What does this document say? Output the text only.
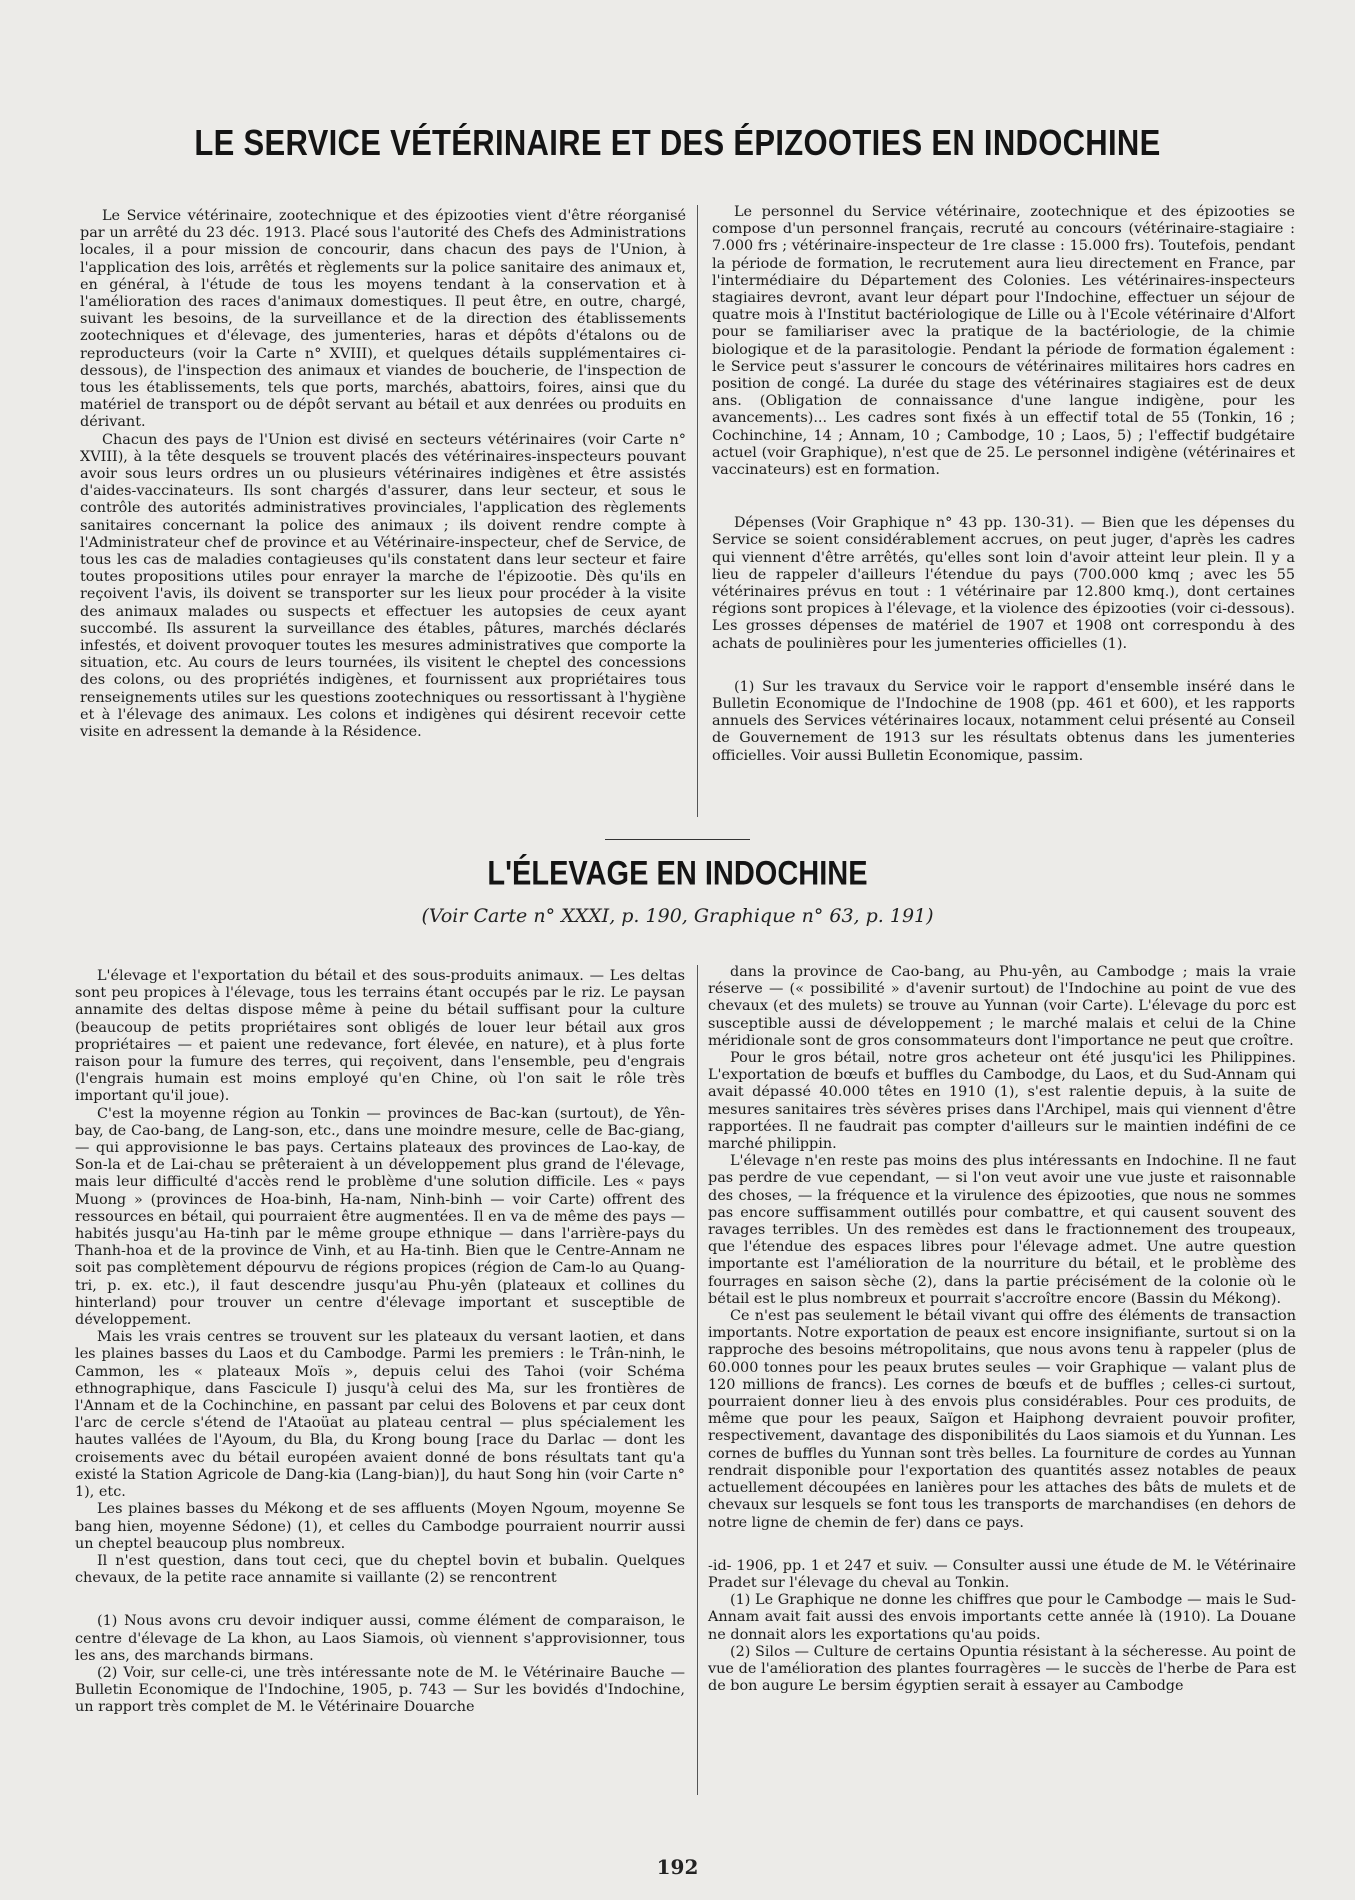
LE SERVICE VÉTÉRINAIRE ET DES ÉPIZOOTIES EN INDOCHINE

Le Service vétérinaire, zootechnique et des épizooties vient d'être réorganisé par un arrêté du 23 déc. 1913. Placé sous l'autorité des Chefs des Administrations locales, il a pour mission de concourir, dans chacun des pays de l'Union, à l'application des lois, arrêtés et règlements sur la police sanitaire des animaux et, en général, à l'étude de tous les moyens tendant à la conservation et à l'amélioration des races d'animaux domestiques. Il peut être, en outre, chargé, suivant les besoins, de la surveillance et de la direction des établissements zootechniques et d'élevage, des jumenteries, haras et dépôts d'étalons ou de reproducteurs (voir la Carte n° XVIII), et quelques détails supplémentaires ci-dessous), de l'inspection des animaux et viandes de boucherie, de l'inspection de tous les établissements, tels que ports, marchés, abattoirs, foires, ainsi que du matériel de transport ou de dépôt servant au bétail et aux denrées ou produits en dérivant.

Chacun des pays de l'Union est divisé en secteurs vétérinaires (voir Carte n° XVIII), à la tête desquels se trouvent placés des vétérinaires-inspecteurs pouvant avoir sous leurs ordres un ou plusieurs vétérinaires indigènes et être assistés d'aides-vaccinateurs. Ils sont chargés d'assurer, dans leur secteur, et sous le contrôle des autorités administratives provinciales, l'application des règlements sanitaires concernant la police des animaux ; ils doivent rendre compte à l'Administrateur chef de province et au Vétérinaire-inspecteur, chef de Service, de tous les cas de maladies contagieuses qu'ils constatent dans leur secteur et faire toutes propositions utiles pour enrayer la marche de l'épizootie. Dès qu'ils en reçoivent l'avis, ils doivent se transporter sur les lieux pour procéder à la visite des animaux malades ou suspects et effectuer les autopsies de ceux ayant succombé. Ils assurent la surveillance des étables, pâtures, marchés déclarés infestés, et doivent provoquer toutes les mesures administratives que comporte la situation, etc. Au cours de leurs tournées, ils visitent le cheptel des concessions des colons, ou des propriétés indigènes, et fournissent aux propriétaires tous renseignements utiles sur les questions zootechniques ou ressortissant à l'hygiène et à l'élevage des animaux. Les colons et indigènes qui désirent recevoir cette visite en adressent la demande à la Résidence.

Le personnel du Service vétérinaire, zootechnique et des épizooties se compose d'un personnel français, recruté au concours (vétérinaire-stagiaire : 7.000 frs ; vétérinaire-inspecteur de 1re classe : 15.000 frs). Toutefois, pendant la période de formation, le recrutement aura lieu directement en France, par l'intermédiaire du Département des Colonies. Les vétérinaires-inspecteurs stagiaires devront, avant leur départ pour l'Indochine, effectuer un séjour de quatre mois à l'Institut bactériologique de Lille ou à l'Ecole vétérinaire d'Alfort pour se familiariser avec la pratique de la bactériologie, de la chimie biologique et de la parasitologie. Pendant la période de formation également : le Service peut s'assurer le concours de vétérinaires militaires hors cadres en position de congé. La durée du stage des vétérinaires stagiaires est de deux ans. (Obligation de connaissance d'une langue indigène, pour les avancements)... Les cadres sont fixés à un effectif total de 55 (Tonkin, 16 ; Cochinchine, 14 ; Annam, 10 ; Cambodge, 10 ; Laos, 5) ; l'effectif budgétaire actuel (voir Graphique), n'est que de 25. Le personnel indigène (vétérinaires et vaccinateurs) est en formation.

Dépenses (Voir Graphique n° 43 pp. 130-31). — Bien que les dépenses du Service se soient considérablement accrues, on peut juger, d'après les cadres qui viennent d'être arrêtés, qu'elles sont loin d'avoir atteint leur plein. Il y a lieu de rappeler d'ailleurs l'étendue du pays (700.000 kmq ; avec les 55 vétérinaires prévus en tout : 1 vétérinaire par 12.800 kmq.), dont certaines régions sont propices à l'élevage, et la violence des épizooties (voir ci-dessous). Les grosses dépenses de matériel de 1907 et 1908 ont correspondu à des achats de poulinières pour les jumenteries officielles (1).

(1) Sur les travaux du Service voir le rapport d'ensemble inséré dans le Bulletin Economique de l'Indochine de 1908 (pp. 461 et 600), et les rapports annuels des Services vétérinaires locaux, notamment celui présenté au Conseil de Gouvernement de 1913 sur les résultats obtenus dans les jumenteries officielles. Voir aussi Bulletin Economique, passim.

L'ÉLEVAGE EN INDOCHINE
(Voir Carte n° XXXI, p. 190, Graphique n° 63, p. 191)

L'élevage et l'exportation du bétail et des sous-produits animaux. — Les deltas sont peu propices à l'élevage, tous les terrains étant occupés par le riz. Le paysan annamite des deltas dispose même à peine du bétail suffisant pour la culture (beaucoup de petits propriétaires sont obligés de louer leur bétail aux gros propriétaires — et paient une redevance, fort élevée, en nature), et à plus forte raison pour la fumure des terres, qui reçoivent, dans l'ensemble, peu d'engrais (l'engrais humain est moins employé qu'en Chine, où l'on sait le rôle très important qu'il joue).

C'est la moyenne région au Tonkin — provinces de Bac-kan (surtout), de Yên-bay, de Cao-bang, de Lang-son, etc., dans une moindre mesure, celle de Bac-giang, — qui approvisionne le bas pays. Certains plateaux des provinces de Lao-kay, de Son-la et de Lai-chau se prêteraient à un développement plus grand de l'élevage, mais leur difficulté d'accès rend le problème d'une solution difficile. Les « pays Muong » (provinces de Hoa-binh, Ha-nam, Ninh-binh — voir Carte) offrent des ressources en bétail, qui pourraient être augmentées. Il en va de même des pays — habités jusqu'au Ha-tinh par le même groupe ethnique — dans l'arrière-pays du Thanh-hoa et de la province de Vinh, et au Ha-tinh. Bien que le Centre-Annam ne soit pas complètement dépourvu de régions propices (région de Cam-lo au Quang-tri, p. ex. etc.), il faut descendre jusqu'au Phu-yên (plateaux et collines du hinterland) pour trouver un centre d'élevage important et susceptible de développement.

Mais les vrais centres se trouvent sur les plateaux du versant laotien, et dans les plaines basses du Laos et du Cambodge. Parmi les premiers : le Trân-ninh, le Cammon, les « plateaux Moïs », depuis celui des Tahoi (voir Schéma ethnographique, dans Fascicule I) jusqu'à celui des Ma, sur les frontières de l'Annam et de la Cochinchine, en passant par celui des Bolovens et par ceux dont l'arc de cercle s'étend de l'Ataoüat au plateau central — plus spécialement les hautes vallées de l'Ayoum, du Bla, du Krong boung [race du Darlac — dont les croisements avec du bétail européen avaient donné de bons résultats tant qu'a existé la Station Agricole de Dang-kia (Lang-bian)], du haut Song hin (voir Carte n° 1), etc.

Les plaines basses du Mékong et de ses affluents (Moyen Ngoum, moyenne Se bang hien, moyenne Sédone) (1), et celles du Cambodge pourraient nourrir aussi un cheptel beaucoup plus nombreux.

Il n'est question, dans tout ceci, que du cheptel bovin et bubalin. Quelques chevaux, de la petite race annamite si vaillante (2) se rencontrent

(1) Nous avons cru devoir indiquer aussi, comme élément de comparaison, le centre d'élevage de La khon, au Laos Siamois, où viennent s'approvisionner, tous les ans, des marchands birmans.

(2) Voir, sur celle-ci, une très intéressante note de M. le Vétérinaire Bauche — Bulletin Economique de l'Indochine, 1905, p. 743 — Sur les bovidés d'Indochine, un rapport très complet de M. le Vétérinaire Douarche

dans la province de Cao-bang, au Phu-yên, au Cambodge ; mais la vraie réserve — (« possibilité » d'avenir surtout) de l'Indochine au point de vue des chevaux (et des mulets) se trouve au Yunnan (voir Carte). L'élevage du porc est susceptible aussi de développement ; le marché malais et celui de la Chine méridionale sont de gros consommateurs dont l'importance ne peut que croître.

Pour le gros bétail, notre gros acheteur ont été jusqu'ici les Philippines. L'exportation de bœufs et buffles du Cambodge, du Laos, et du Sud-Annam qui avait dépassé 40.000 têtes en 1910 (1), s'est ralentie depuis, à la suite de mesures sanitaires très sévères prises dans l'Archipel, mais qui viennent d'être rapportées. Il ne faudrait pas compter d'ailleurs sur le maintien indéfini de ce marché philippin.

L'élevage n'en reste pas moins des plus intéressants en Indochine. Il ne faut pas perdre de vue cependant, — si l'on veut avoir une vue juste et raisonnable des choses, — la fréquence et la virulence des épizooties, que nous ne sommes pas encore suffisamment outillés pour combattre, et qui causent souvent des ravages terribles. Un des remèdes est dans le fractionnement des troupeaux, que l'étendue des espaces libres pour l'élevage admet. Une autre question importante est l'amélioration de la nourriture du bétail, et le problème des fourrages en saison sèche (2), dans la partie précisément de la colonie où le bétail est le plus nombreux et pourrait s'accroître encore (Bassin du Mékong).

Ce n'est pas seulement le bétail vivant qui offre des éléments de transaction importants. Notre exportation de peaux est encore insignifiante, surtout si on la rapproche des besoins métropolitains, que nous avons tenu à rappeler (plus de 60.000 tonnes pour les peaux brutes seules — voir Graphique — valant plus de 120 millions de francs). Les cornes de bœufs et de buffles ; celles-ci surtout, pourraient donner lieu à des envois plus considérables. Pour ces produits, de même que pour les peaux, Saïgon et Haiphong devraient pouvoir profiter, respectivement, davantage des disponibilités du Laos siamois et du Yunnan. Les cornes de buffles du Yunnan sont très belles. La fourniture de cordes au Yunnan rendrait disponible pour l'exportation des quantités assez notables de peaux actuellement découpées en lanières pour les attaches des bâts de mulets et de chevaux sur lesquels se font tous les transports de marchandises (en dehors de notre ligne de chemin de fer) dans ce pays.

-id- 1906, pp. 1 et 247 et suiv. — Consulter aussi une étude de M. le Vétérinaire Pradet sur l'élevage du cheval au Tonkin.

(1) Le Graphique ne donne les chiffres que pour le Cambodge — mais le Sud-Annam avait fait aussi des envois importants cette année là (1910). La Douane ne donnait alors les exportations qu'au poids.

(2) Silos — Culture de certains Opuntia résistant à la sécheresse. Au point de vue de l'amélioration des plantes fourragères — le succès de l'herbe de Para est de bon augure Le bersim égyptien serait à essayer au Cambodge

192
